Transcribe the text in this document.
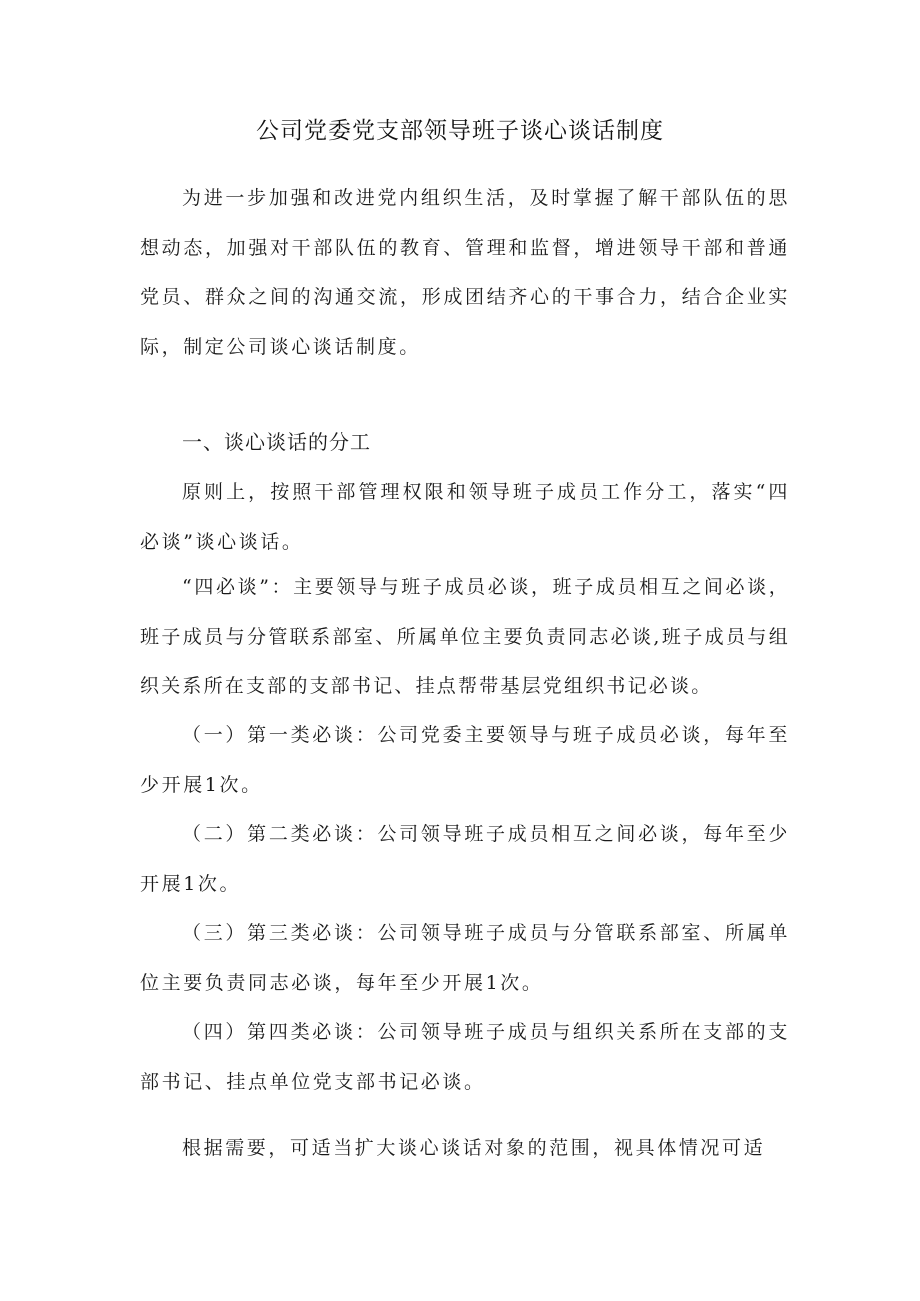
公司党委党支部领导班子谈心谈话制度

为进一步加强和改进党内组织生活，及时掌握了解干部队伍的思想动态，加强对干部队伍的教育、管理和监督，增进领导干部和普通党员、群众之间的沟通交流，形成团结齐心的干事合力，结合企业实际，制定公司谈心谈话制度。

一、谈心谈话的分工

原则上，按照干部管理权限和领导班子成员工作分工，落实“四必谈”谈心谈话。

“四必谈”：主要领导与班子成员必谈，班子成员相互之间必谈，班子成员与分管联系部室、所属单位主要负责同志必谈,班子成员与组织关系所在支部的支部书记、挂点帮带基层党组织书记必谈。

（一）第一类必谈：公司党委主要领导与班子成员必谈，每年至少开展1次。

（二）第二类必谈：公司领导班子成员相互之间必谈，每年至少开展1次。

（三）第三类必谈：公司领导班子成员与分管联系部室、所属单位主要负责同志必谈，每年至少开展1次。

（四）第四类必谈：公司领导班子成员与组织关系所在支部的支部书记、挂点单位党支部书记必谈。

根据需要，可适当扩大谈心谈话对象的范围，视具体情况可适
